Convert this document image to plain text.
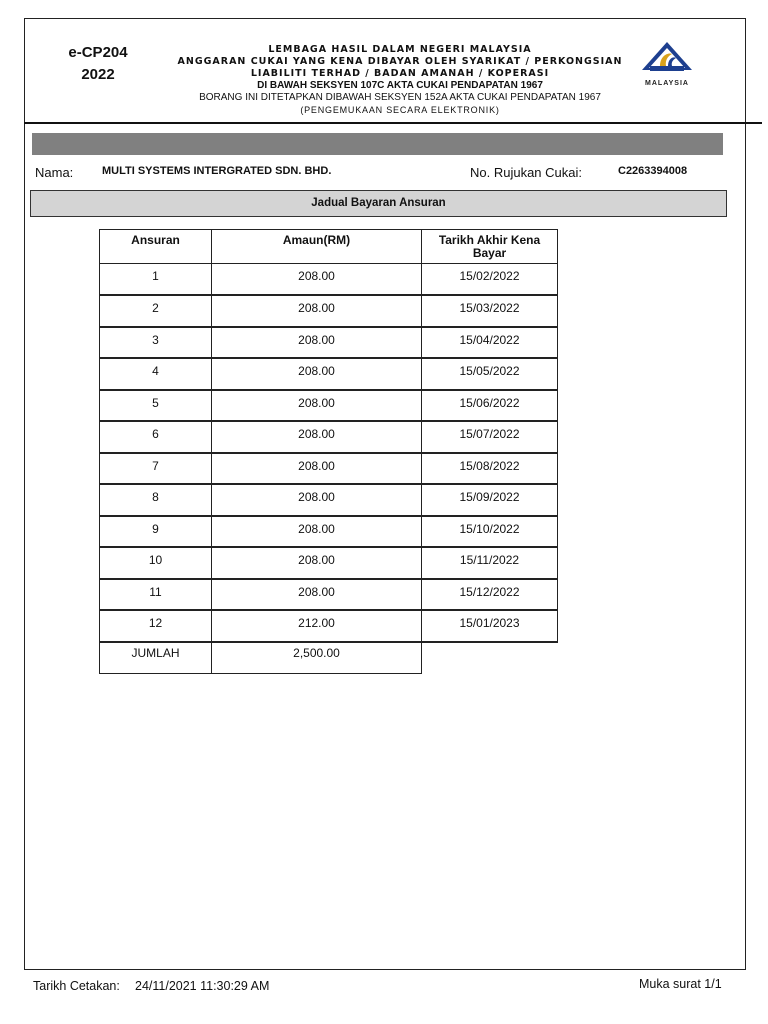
e-CP204
2022
LEMBAGA HASIL DALAM NEGERI MALAYSIA
ANGGARAN CUKAI YANG KENA DIBAYAR OLEH SYARIKAT / PERKONGSIAN
LIABILITI TERHAD / BADAN AMANAH / KOPERASI
DI BAWAH SEKSYEN 107C AKTA CUKAI PENDAPATAN 1967
BORANG INI DITETAPKAN DIBAWAH SEKSYEN 152A AKTA CUKAI PENDAPATAN 1967
(PENGEMUKAAN SECARA ELEKTRONIK)
LHDN
MALAYSIA
Nama:	MULTI SYSTEMS INTERGRATED SDN. BHD.	No. Rujukan Cukai:	C2263394008
Jadual Bayaran Ansuran
Ansuran	Amaun(RM)	Tarikh Akhir Kena Bayar
1	208.00	15/02/2022
2	208.00	15/03/2022
3	208.00	15/04/2022
4	208.00	15/05/2022
5	208.00	15/06/2022
6	208.00	15/07/2022
7	208.00	15/08/2022
8	208.00	15/09/2022
9	208.00	15/10/2022
10	208.00	15/11/2022
11	208.00	15/12/2022
12	212.00	15/01/2023
JUMLAH	2,500.00	
Tarikh Cetakan: 24/11/2021 11:30:29 AM	Muka surat 1/1
